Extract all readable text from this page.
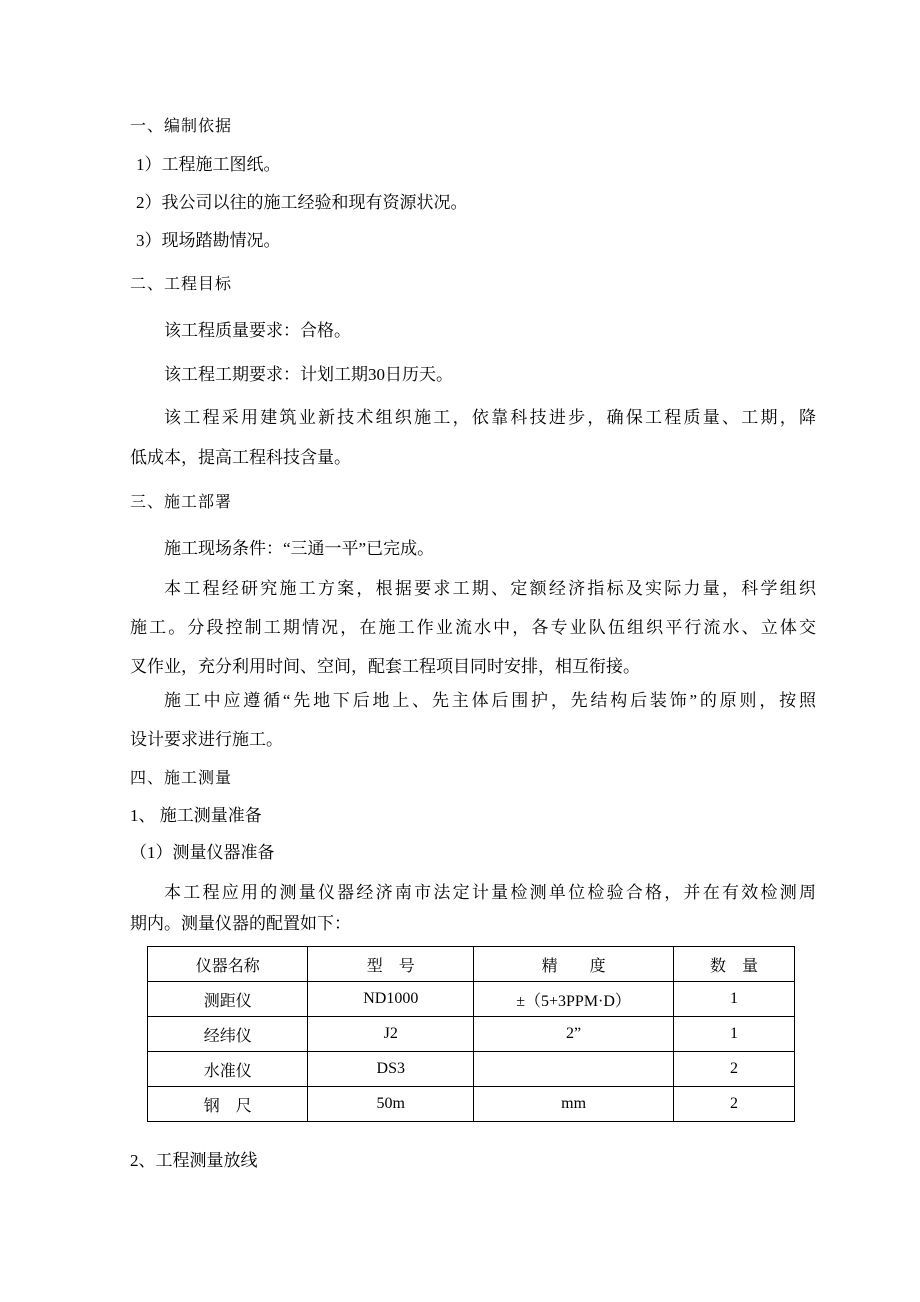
一、编制依据
1）工程施工图纸。
2）我公司以往的施工经验和现有资源状况。
3）现场踏勘情况。
二、工程目标
该工程质量要求：合格。
该工程工期要求：计划工期30日历天。
该工程采用建筑业新技术组织施工，依靠科技进步，确保工程质量、工期，降
低成本，提高工程科技含量。
三、施工部署
施工现场条件：“三通一平”已完成。
本工程经研究施工方案，根据要求工期、定额经济指标及实际力量，科学组织
施工。分段控制工期情况，在施工作业流水中，各专业队伍组织平行流水、立体交
叉作业，充分利用时间、空间，配套工程项目同时安排，相互衔接。
施工中应遵循“先地下后地上、先主体后围护，先结构后装饰”的原则，按照
设计要求进行施工。
四、施工测量
1、 施工测量准备
（1）测量仪器准备
本工程应用的测量仪器经济南市法定计量检测单位检验合格，并在有效检测周
期内。测量仪器的配置如下：
仪器名称	型　号	精　　度	数　量
测距仪	ND1000	±（5+3PPM·D）	1
经纬仪	J2	2”	1
水准仪	DS3		2
钢　尺	50m	mm	2
2、工程测量放线
